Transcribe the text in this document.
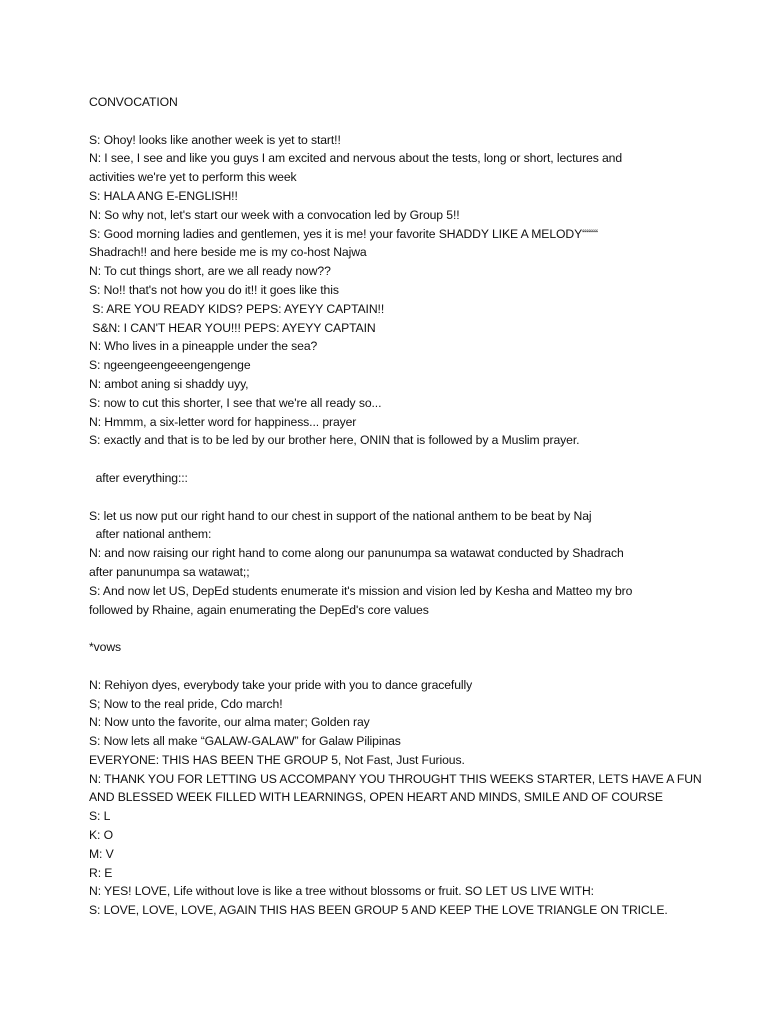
CONVOCATION
S: Ohoy! looks like another week is yet to start!!
N: I see, I see and like you guys I am excited and nervous about the tests, long or short, lectures and
activities we're yet to perform this week
S: HALA ANG E-ENGLISH!!
N: So why not, let's start our week with a convocation led by Group 5!!
S: Good morning ladies and gentlemen, yes it is me! your favorite SHADDY LIKE A MELODY““““
Shadrach!! and here beside me is my co-host Najwa
N: To cut things short, are we all ready now??
S: No!! that's not how you do it!! it goes like this
S: ARE YOU READY KIDS? PEPS: AYEYY CAPTAIN!!
S&N: I CAN'T HEAR YOU!!! PEPS: AYEYY CAPTAIN
N: Who lives in a pineapple under the sea?
S: ngeengeengeeengengenge
N: ambot aning si shaddy uyy,
S: now to cut this shorter, I see that we're all ready so...
N: Hmmm, a six-letter word for happiness... prayer
S: exactly and that is to be led by our brother here, ONIN that is followed by a Muslim prayer.
after everything:::
S: let us now put our right hand to our chest in support of the national anthem to be beat by Naj
after national anthem:
N: and now raising our right hand to come along our panunumpa sa watawat conducted by Shadrach
after panunumpa sa watawat;;
S: And now let US, DepEd students enumerate it's mission and vision led by Kesha and Matteo my bro
followed by Rhaine, again enumerating the DepEd's core values
*vows
N: Rehiyon dyes, everybody take your pride with you to dance gracefully
S; Now to the real pride, Cdo march!
N: Now unto the favorite, our alma mater; Golden ray
S: Now lets all make “GALAW-GALAW” for Galaw Pilipinas
EVERYONE: THIS HAS BEEN THE GROUP 5, Not Fast, Just Furious.
N: THANK YOU FOR LETTING US ACCOMPANY YOU THROUGHT THIS WEEKS STARTER, LETS HAVE A FUN
AND BLESSED WEEK FILLED WITH LEARNINGS, OPEN HEART AND MINDS, SMILE AND OF COURSE
S: L
K: O
M: V
R: E
N: YES! LOVE, Life without love is like a tree without blossoms or fruit. SO LET US LIVE WITH:
S: LOVE, LOVE, LOVE, AGAIN THIS HAS BEEN GROUP 5 AND KEEP THE LOVE TRIANGLE ON TRICLE.
